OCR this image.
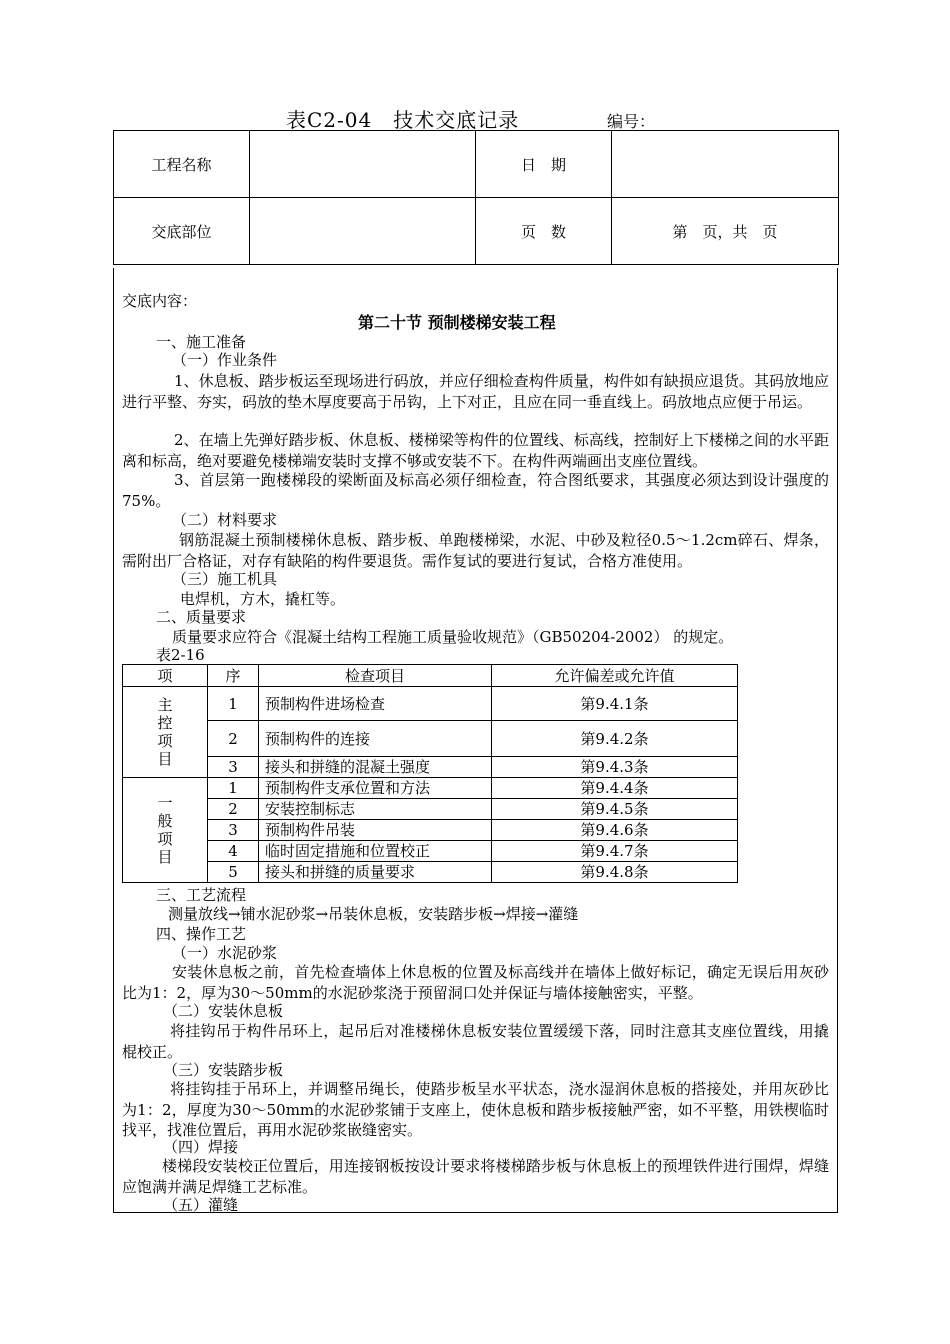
表C2-04　技术交底记录	编号：
工程名称		日　期	
交底部位		页　数	第　页，共　页
交底内容：
第二十节 预制楼梯安装工程
一、施工准备
（一）作业条件
1、休息板、踏步板运至现场进行码放，并应仔细检查构件质量，构件如有缺损应退货。其码放地应进行平整、夯实，码放的垫木厚度要高于吊钩，上下对正，且应在同一垂直线上。码放地点应便于吊运。
2、在墙上先弹好踏步板、休息板、楼梯梁等构件的位置线、标高线，控制好上下楼梯之间的水平距离和标高，绝对要避免楼梯端安装时支撑不够或安装不下。在构件两端画出支座位置线。
3、首层第一跑楼梯段的梁断面及标高必须仔细检查，符合图纸要求，其强度必须达到设计强度的75%。
（二）材料要求
钢筋混凝土预制楼梯休息板、踏步板、单跑楼梯梁，水泥、中砂及粒径0.5～1.2cm碎石、焊条，需附出厂合格证，对存有缺陷的构件要退货。需作复试的要进行复试，合格方准使用。
（三）施工机具
电焊机，方木，撬杠等。
二、质量要求
质量要求应符合《混凝土结构工程施工质量验收规范》（GB50204-2002） 的规定。
表2-16
项	序	检查项目	允许偏差或允许值

主控项目	1	预制构件进场检查	第9.4.1条
	2	预制构件的连接	第9.4.2条
	3	接头和拼缝的混凝土强度	第9.4.3条

一般项目	1	预制构件支承位置和方法	第9.4.4条
	2	安装控制标志	第9.4.5条
	3	预制构件吊装	第9.4.6条
	4	临时固定措施和位置校正	第9.4.7条
	5	接头和拼缝的质量要求	第9.4.8条
三、工艺流程
测量放线→铺水泥砂浆→吊装休息板，安装踏步板→焊接→灌缝
四、操作工艺
（一）水泥砂浆
安装休息板之前，首先检查墙体上休息板的位置及标高线并在墙体上做好标记，确定无误后用灰砂比为1：2，厚为30～50mm的水泥砂浆浇于预留洞口处并保证与墙体接触密实，平整。
（二）安装休息板
将挂钩吊于构件吊环上，起吊后对准楼梯休息板安装位置缓缓下落，同时注意其支座位置线，用撬棍校正。
（三）安装踏步板
将挂钩挂于吊环上，并调整吊绳长，使踏步板呈水平状态，浇水湿润休息板的搭接处，并用灰砂比为1：2，厚度为30～50mm的水泥砂浆铺于支座上，使休息板和踏步板接触严密，如不平整，用铁楔临时找平，找准位置后，再用水泥砂浆嵌缝密实。
（四）焊接
楼梯段安装校正位置后，用连接钢板按设计要求将楼梯踏步板与休息板上的预埋铁件进行围焊，焊缝应饱满并满足焊缝工艺标准。
（五）灌缝
